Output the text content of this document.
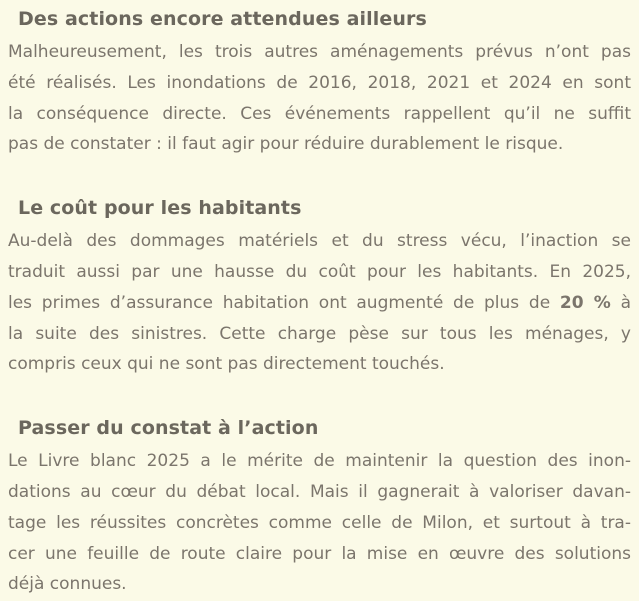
Des actions encore attendues ailleurs

Malheureusement, les trois autres aménagements prévus n’ont pas
été réalisés. Les inondations de 2016, 2018, 2021 et 2024 en sont
la conséquence directe. Ces événements rappellent qu’il ne suffit
pas de constater : il faut agir pour réduire durablement le risque.

Le coût pour les habitants

Au-delà des dommages matériels et du stress vécu, l’inaction se
traduit aussi par une hausse du coût pour les habitants. En 2025,
les primes d’assurance habitation ont augmenté de plus de 20 % à
la suite des sinistres. Cette charge pèse sur tous les ménages, y
compris ceux qui ne sont pas directement touchés.

Passer du constat à l’action

Le Livre blanc 2025 a le mérite de maintenir la question des inon-
dations au cœur du débat local. Mais il gagnerait à valoriser davan-
tage les réussites concrètes comme celle de Milon, et surtout à tra-
cer une feuille de route claire pour la mise en œuvre des solutions
déjà connues.
